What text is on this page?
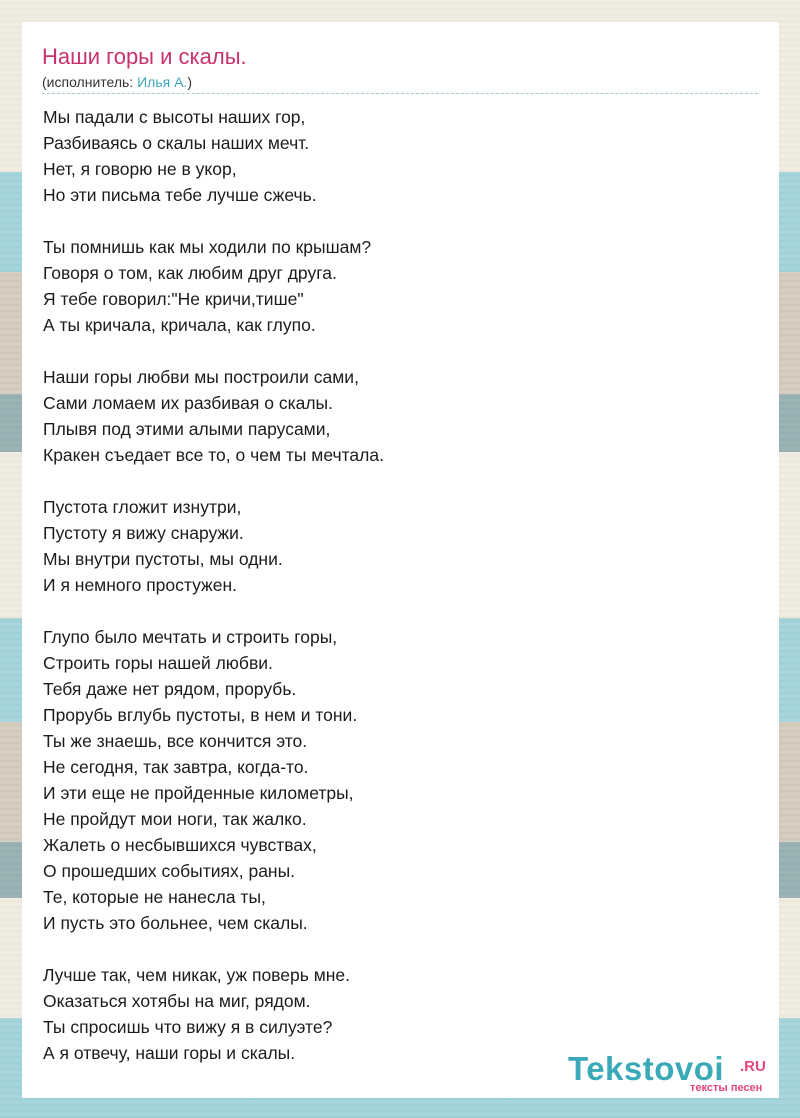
Наши горы и скалы.
(исполнитель: Илья А.)
Мы падали с высоты наших гор,
Разбиваясь о скалы наших мечт.
Нет, я говорю не в укор,
Но эти письма тебе лучше сжечь.
Ты помнишь как мы ходили по крышам?
Говоря о том, как любим друг друга.
Я тебе говорил:"Не кричи,тише"
А ты кричала, кричала, как глупо.
Наши горы любви мы построили сами,
Сами ломаем их разбивая о скалы.
Плывя под этими алыми парусами,
Кракен съедает все то, о чем ты мечтала.
Пустота гложит изнутри,
Пустоту я вижу снаружи.
Мы внутри пустоты, мы одни.
И я немного простужен.
Глупо было мечтать и строить горы,
Строить горы нашей любви.
Тебя даже нет рядом, прорубь.
Прорубь вглубь пустоты, в нем и тони.
Ты же знаешь, все кончится это.
Не сегодня, так завтра, когда-то.
И эти еще не пройденные километры,
Не пройдут мои ноги, так жалко.
Жалеть о несбывшихся чувствах,
О прошедших событиях, раны.
Те, которые не нанесла ты,
И пусть это больнее, чем скалы.
Лучше так, чем никак, уж поверь мне.
Оказаться хотябы на миг, рядом.
Ты спросишь что вижу я в силуэте?
А я отвечу, наши горы и скалы.	Tekstovoi .RU
тексты песен
